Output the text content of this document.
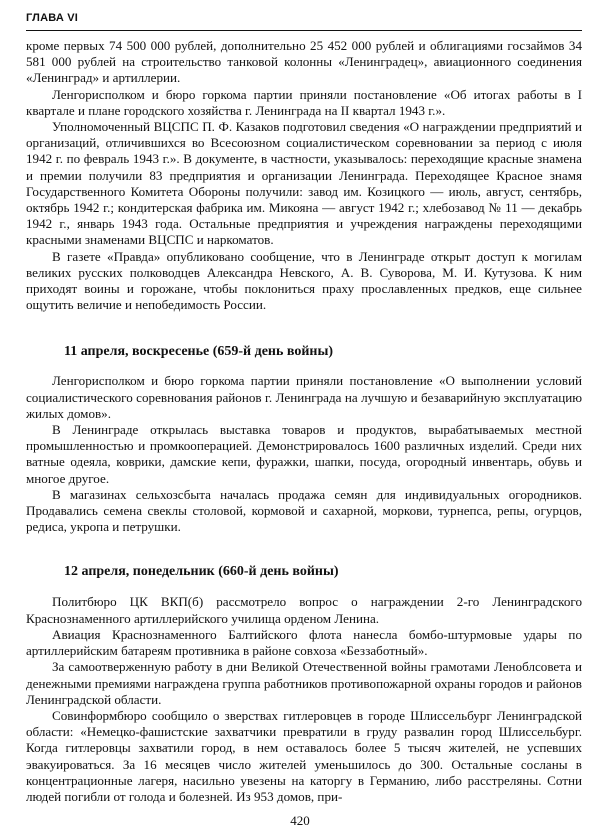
ГЛАВА VI

кроме первых 74 500 000 рублей, дополнительно 25 452 000 рублей и облигациями госзаймов 34 581 000 рублей на строительство танковой колонны «Ленинградец», авиационного соединения «Ленинград» и артиллерии.

Ленгорисполком и бюро горкома партии приняли постановление «Об итогах работы в I квартале и плане городского хозяйства г. Ленинграда на II квартал 1943 г.».

Уполномоченный ВЦСПС П. Ф. Казаков подготовил сведения «О награждении предприятий и организаций, отличившихся во Всесоюзном социалистическом соревновании за период с июля 1942 г. по февраль 1943 г.». В документе, в частности, указывалось: переходящие красные знамена и премии получили 83 предприятия и организации Ленинграда. Переходящее Красное знамя Государственного Комитета Обороны получили: завод им. Козицкого — июль, август, сентябрь, октябрь 1942 г.; кондитерская фабрика им. Микояна — август 1942 г.; хлебозавод № 11 — декабрь 1942 г., январь 1943 года. Остальные предприятия и учреждения награждены переходящими красными знаменами ВЦСПС и наркоматов.

В газете «Правда» опубликовано сообщение, что в Ленинграде открыт доступ к могилам великих русских полководцев Александра Невского, А. В. Суворова, М. И. Кутузова. К ним приходят воины и горожане, чтобы поклониться праху прославленных предков, еще сильнее ощутить величие и непобедимость России.

11 апреля, воскресенье (659-й день войны)

Ленгорисполком и бюро горкома партии приняли постановление «О выполнении условий социалистического соревнования районов г. Ленинграда на лучшую и безаварийную эксплуатацию жилых домов».

В Ленинграде открылась выставка товаров и продуктов, вырабатываемых местной промышленностью и промкооперацией. Демонстрировалось 1600 различных изделий. Среди них ватные одеяла, коврики, дамские кепи, фуражки, шапки, посуда, огородный инвентарь, обувь и многое другое.

В магазинах сельхозсбыта началась продажа семян для индивидуальных огородников. Продавались семена свеклы столовой, кормовой и сахарной, моркови, турнепса, репы, огурцов, редиса, укропа и петрушки.

12 апреля, понедельник (660-й день войны)

Политбюро ЦК ВКП(б) рассмотрело вопрос о награждении 2-го Ленинградского Краснознаменного артиллерийского училища орденом Ленина.

Авиация Краснознаменного Балтийского флота нанесла бомбо-штурмовые удары по артиллерийским батареям противника в районе совхоза «Беззаботный».

За самоотверженную работу в дни Великой Отечественной войны грамотами Леноблсовета и денежными премиями награждена группа работников противопожарной охраны городов и районов Ленинградской области.

Совинформбюро сообщило о зверствах гитлеровцев в городе Шлиссельбург Ленинградской области: «Немецко-фашистские захватчики превратили в груду развалин город Шлиссельбург. Когда гитлеровцы захватили город, в нем оставалось более 5 тысяч жителей, не успевших эвакуироваться. За 16 месяцев число жителей уменьшилось до 300. Остальные сосланы в концентрационные лагеря, насильно увезены на каторгу в Германию, либо расстреляны. Сотни людей погибли от голода и болезней. Из 953 домов, при-

420
